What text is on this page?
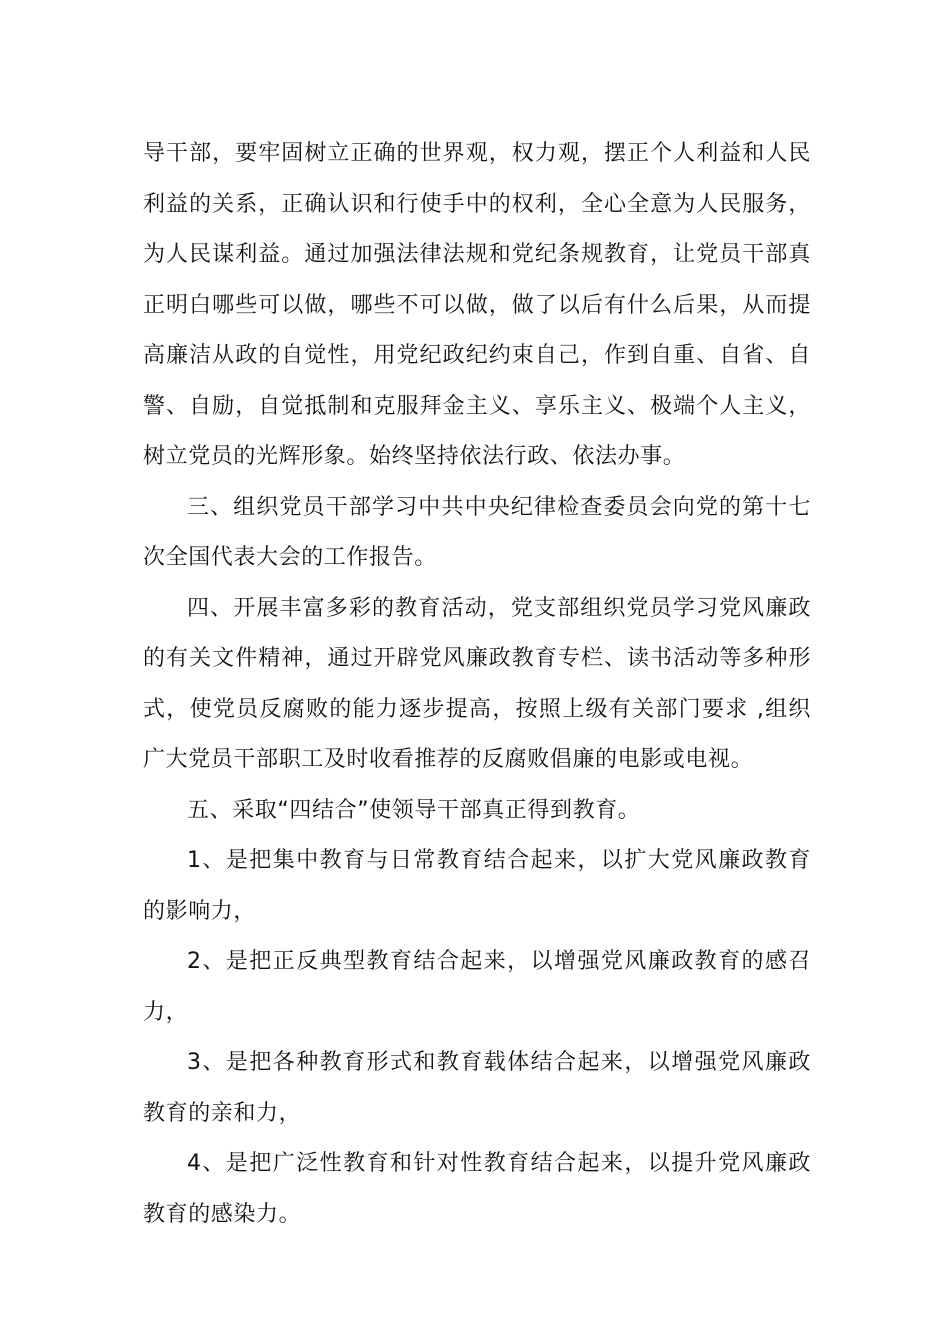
导干部，要牢固树立正确的世界观，权力观，摆正个人利益和人民利益的关系，正确认识和行使手中的权利，全心全意为人民服务，为人民谋利益。通过加强法律法规和党纪条规教育，让党员干部真正明白哪些可以做，哪些不可以做，做了以后有什么后果，从而提高廉洁从政的自觉性，用党纪政纪约束自己，作到自重、自省、自警、自励，自觉抵制和克服拜金主义、享乐主义、极端个人主义，树立党员的光辉形象。始终坚持依法行政、依法办事。

三、组织党员干部学习中共中央纪律检查委员会向党的第十七次全国代表大会的工作报告。

四、开展丰富多彩的教育活动，党支部组织党员学习党风廉政的有关文件精神，通过开辟党风廉政教育专栏、读书活动等多种形式，使党员反腐败的能力逐步提高，按照上级有关部门要求 ,组织广大党员干部职工及时收看推荐的反腐败倡廉的电影或电视。

五、采取“四结合”使领导干部真正得到教育。

1、是把集中教育与日常教育结合起来，以扩大党风廉政教育的影响力，

2、是把正反典型教育结合起来，以增强党风廉政教育的感召力，

3、是把各种教育形式和教育载体结合起来，以增强党风廉政教育的亲和力，

4、是把广泛性教育和针对性教育结合起来，以提升党风廉政教育的感染力。
